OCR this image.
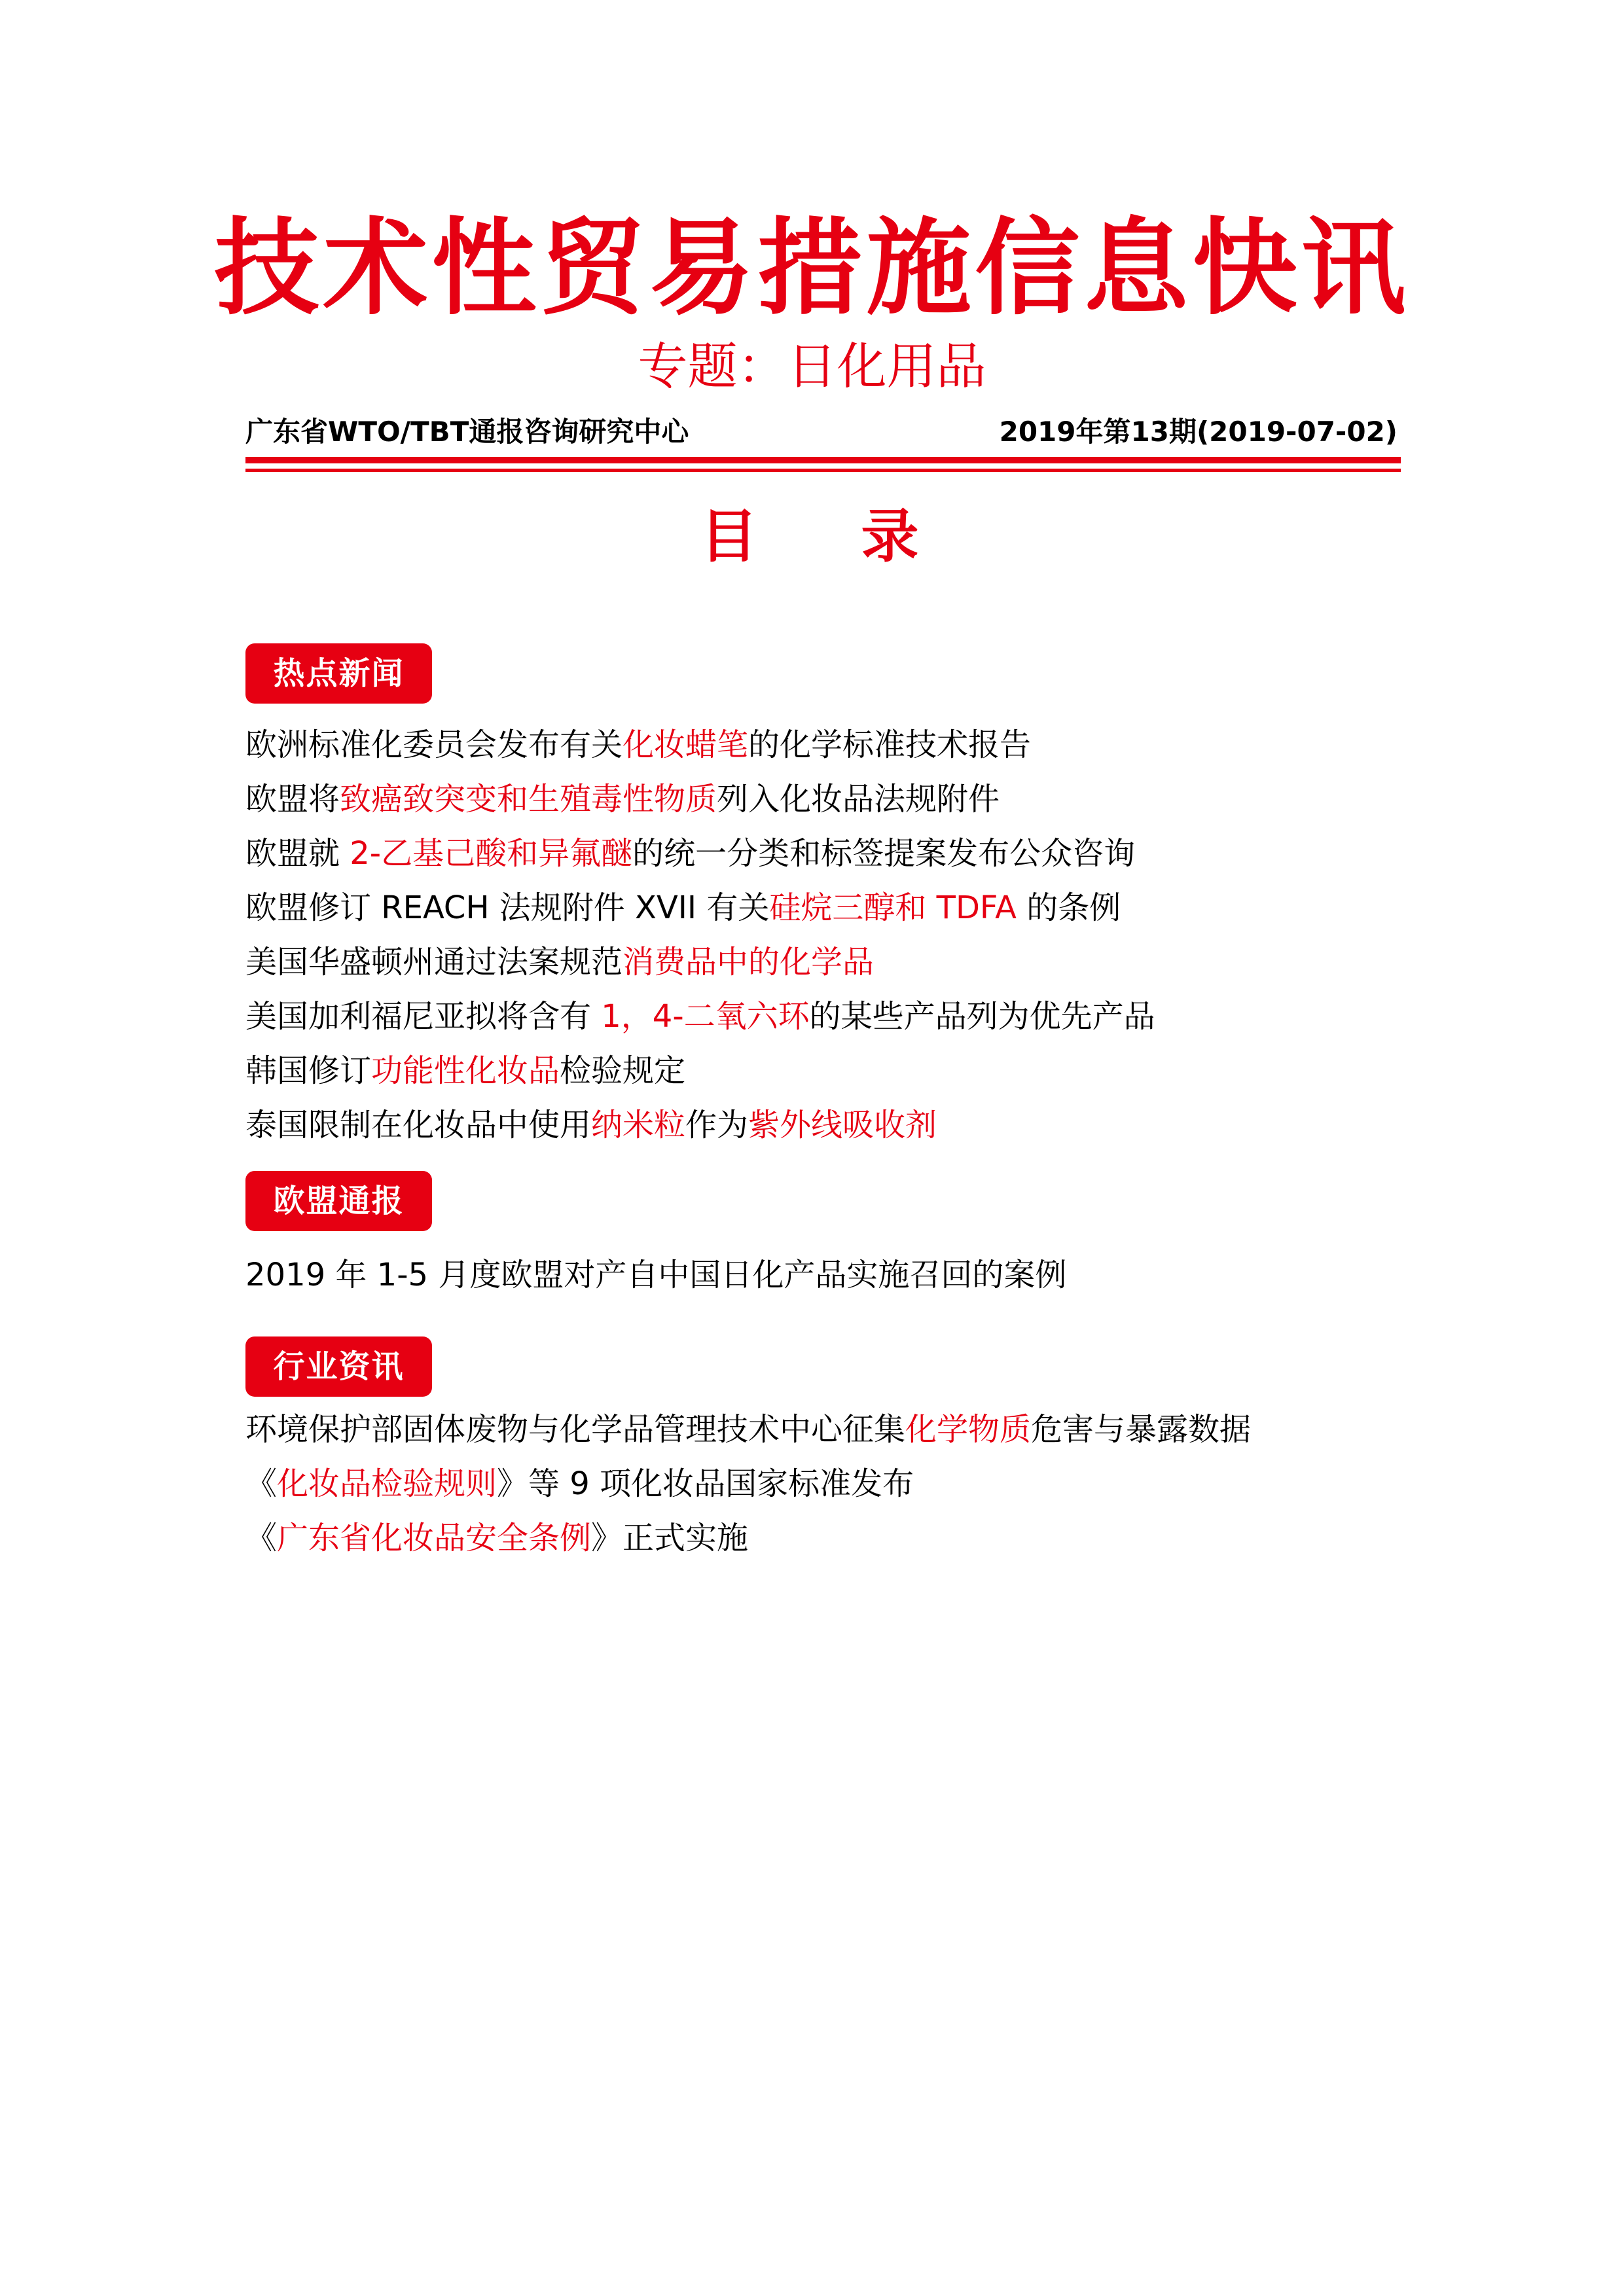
技术性贸易措施信息快讯
专题：日化用品
广东省WTO/TBT通报咨询研究中心	2019年第13期(2019-07-02)
目 录
热点新闻
欧洲标准化委员会发布有关化妆蜡笔的化学标准技术报告
欧盟将致癌致突变和生殖毒性物质列入化妆品法规附件
欧盟就 2-乙基己酸和异氟醚的统一分类和标签提案发布公众咨询
欧盟修订 REACH 法规附件 XVII 有关硅烷三醇和 TDFA 的条例
美国华盛顿州通过法案规范消费品中的化学品
美国加利福尼亚拟将含有 1，4-二氧六环的某些产品列为优先产品
韩国修订功能性化妆品检验规定
泰国限制在化妆品中使用纳米粒作为紫外线吸收剂
欧盟通报
2019 年 1-5 月度欧盟对产自中国日化产品实施召回的案例
行业资讯
环境保护部固体废物与化学品管理技术中心征集化学物质危害与暴露数据
《化妆品检验规则》等 9 项化妆品国家标准发布
《广东省化妆品安全条例》正式实施
